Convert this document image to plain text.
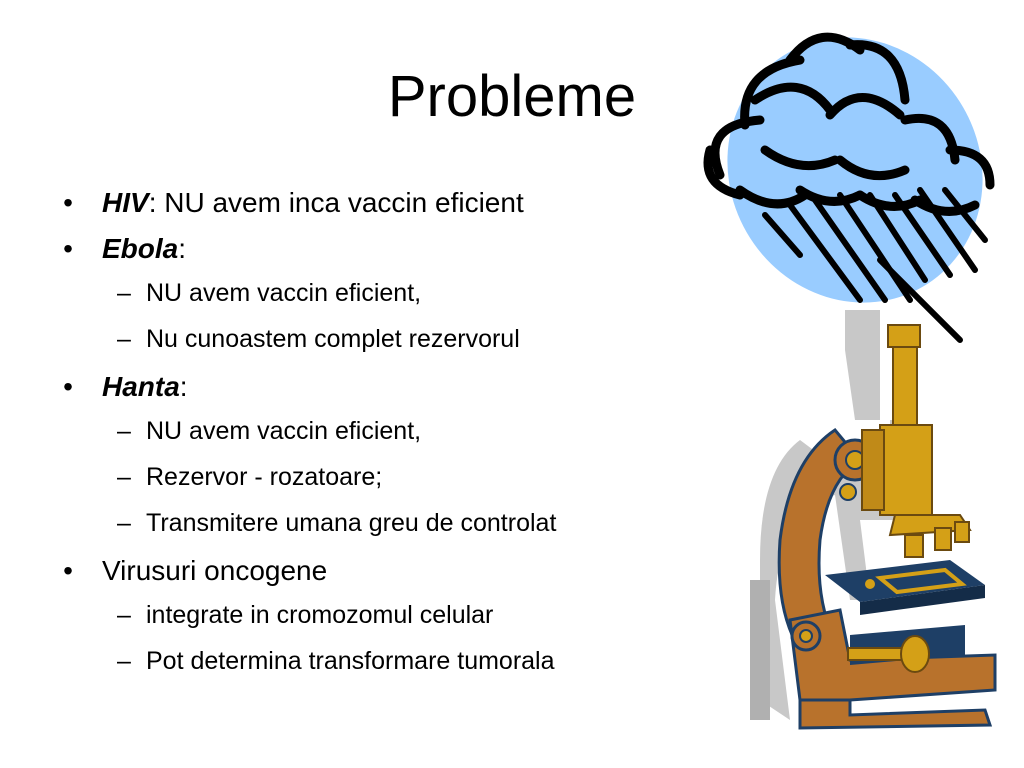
Probleme
• HIV: NU avem inca vaccin eficient
• Ebola:
– NU avem vaccin eficient,
– Nu cunoastem complet rezervorul
• Hanta:
– NU avem vaccin eficient,
– Rezervor - rozatoare;
– Transmitere umana greu de controlat
• Virusuri oncogene
– integrate in cromozomul celular
– Pot determina transformare tumorala
